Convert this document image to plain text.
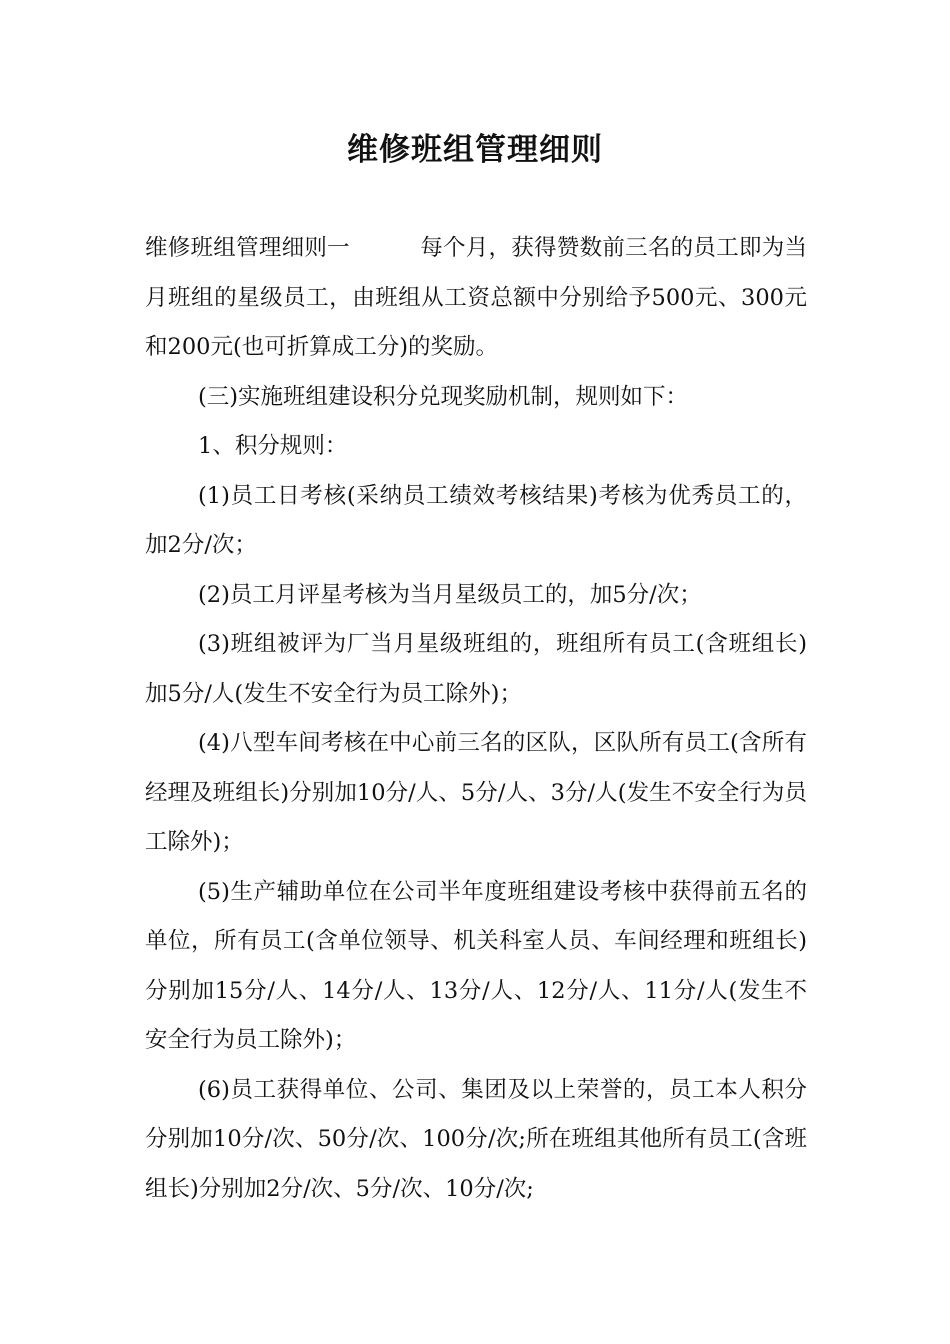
维修班组管理细则

维修班组管理细则一	每个月，获得赞数前三名的员工即为当月班组的星级员工，由班组从工资总额中分别给予500元、300元和200元(也可折算成工分)的奖励。

(三)实施班组建设积分兑现奖励机制，规则如下：

1、积分规则：

(1)员工日考核(采纳员工绩效考核结果)考核为优秀员工的，加2分/次；

(2)员工月评星考核为当月星级员工的，加5分/次；

(3)班组被评为厂当月星级班组的，班组所有员工(含班组长)加5分/人(发生不安全行为员工除外)；

(4)八型车间考核在中心前三名的区队，区队所有员工(含所有经理及班组长)分别加10分/人、5分/人、3分/人(发生不安全行为员工除外)；

(5)生产辅助单位在公司半年度班组建设考核中获得前五名的单位，所有员工(含单位领导、机关科室人员、车间经理和班组长)分别加15分/人、14分/人、13分/人、12分/人、11分/人(发生不安全行为员工除外)；

(6)员工获得单位、公司、集团及以上荣誉的，员工本人积分分别加10分/次、50分/次、100分/次;所在班组其他所有员工(含班组长)分别加2分/次、5分/次、10分/次;
